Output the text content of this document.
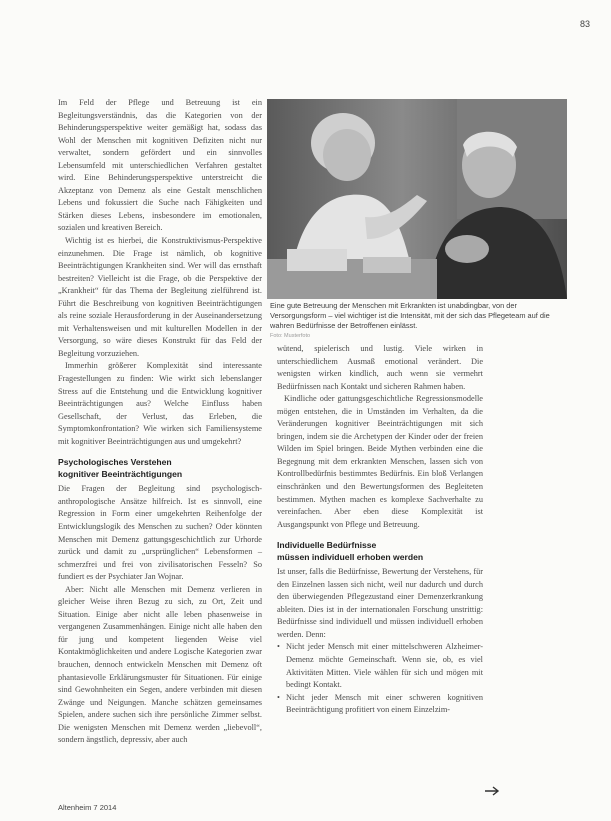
83

Im Feld der Pflege und Betreuung ist ein Begleitungsverständnis, das die Kategorien von der Behinderungsperspektive weiter gemäßigt hat, sodass das Wohl der Menschen mit kognitiven Defiziten nicht nur verwaltet, sondern gefördert und ein sinnvolles Lebensumfeld mit unterschiedlichen Verfahren gestaltet wird. Eine Behinderungsperspektive unterstreicht die Akzeptanz von Demenz als eine Gestalt menschlichen Lebens und fokussiert die Suche nach Fähigkeiten und Stärken dieses Lebens, insbesondere im emotionalen, sozialen und kreativen Bereich.

Wichtig ist es hierbei, die Konstruktivismus-Perspektive einzunehmen. Die Frage ist nämlich, ob kognitive Beeinträchtigungen Krankheiten sind. Wer will das ernsthaft bestreiten? Vielleicht ist die Frage, ob die Perspektive der „Krankheit“ für das Thema der Begleitung zielführend ist. Führt die Beschreibung von kognitiven Beeinträchtigungen als reine soziale Herausforderung in der Auseinandersetzung mit Verhaltensweisen und mit kulturellen Modellen in der Versorgung, so wäre dieses Konstrukt für das Feld der Begleitung vorzuziehen.

Immerhin größerer Komplexität sind interessante Fragestellungen zu finden: Wie wirkt sich lebenslanger Stress auf die Entstehung und die Entwicklung kognitiver Beeinträchtigungen aus? Welche Einfluss haben Gesellschaft, der Verlust, das Erleben, die Symptomkonfrontation? Wie wirken sich Familiensysteme mit kognitiver Beeinträchtigungen aus und umgekehrt?

Psychologisches Verstehen
kognitiver Beeinträchtigungen

Die Fragen der Begleitung sind psychologisch-anthropologische Ansätze hilfreich. Ist es sinnvoll, eine Regression in Form einer umgekehrten Reihenfolge der Entwicklungslogik des Menschen zu suchen? Oder könnten Menschen mit Demenz gattungsgeschichtlich zur Urhorde zurück und damit zu „ursprünglichen“ Lebensformen – schmerzfrei und frei von zivilisatorischen Fesseln? So fundiert es der Psychiater Jan Wojnar.

Aber: Nicht alle Menschen mit Demenz verlieren in gleicher Weise ihren Bezug zu sich, zu Ort, Zeit und Situation. Einige aber nicht alle leben phasenweise in vergangenen Zusammenhängen. Einige nicht alle haben den für jung und kompetent liegenden Weise viel Kontaktmöglichkeiten und andere Logische Kategorien zwar brauchen, dennoch entwickeln Menschen mit Demenz oft phantasievolle Erklärungsmuster für Situationen. Für einige sind Gewohnheiten ein Segen, andere verbinden mit diesen Zwänge und Neigungen. Manche schätzen gemeinsames Spielen, andere suchen sich ihre persönliche Zimmer selbst. Die wenigsten Menschen mit Demenz werden „liebevoll“, sondern ängstlich, depressiv, aber auch

Eine gute Betreuung der Menschen mit Erkrankten ist unabdingbar, von der Versorgungsform – viel wichtiger ist die Intensität, mit der sich das Pflegeteam auf die wahren Bedürfnisse der Betroffenen einlässt.
Foto: Musterfoto

wütend, spielerisch und lustig. Viele wirken in unterschiedlichem Ausmaß emotional verändert. Die wenigsten wirken kindlich, auch wenn sie vermehrt Bedürfnissen nach Kontakt und sicheren Rahmen haben.

Kindliche oder gattungsgeschichtliche Regressionsmodelle mögen entstehen, die in Umständen im Verhalten, da die Veränderungen kognitiver Beeinträchtigungen mit sich bringen, indem sie die Archetypen der Kinder oder der freien Wilden im Spiel bringen. Beide Mythen verbinden eine die Begegnung mit dem erkrankten Menschen, lassen sich von Kontrollbedürfnis bestimmtes Bedürfnis. Ein bloß Verlangen einschränken und den Bewertungsformen des Begleiteten bestimmen. Mythen machen es komplexe Sachverhalte zu vereinfachen. Aber eben diese Komplexität ist Ausgangspunkt von Pflege und Betreuung.

Individuelle Bedürfnisse
müssen individuell erhoben werden

Ist unser, falls die Bedürfnisse, Bewertung der Verstehens, für den Einzelnen lassen sich nicht, weil nur dadurch und durch den überwiegenden Pflegezustand einer Demenzerkrankung ableiten. Dies ist in der internationalen Forschung unstrittig: Bedürfnisse sind individuell und müssen individuell erhoben werden. Denn:

• Nicht jeder Mensch mit einer mittelschweren Alzheimer-Demenz möchte Gemeinschaft. Wenn sie, ob, es viel Aktivitäten Mitten. Viele wählen für sich und mögen mit bedingt Kontakt.
• Nicht jeder Mensch mit einer schweren kognitiven Beeinträchtigung profitiert von einem Einzelzim-
Altenheim 7 2014
